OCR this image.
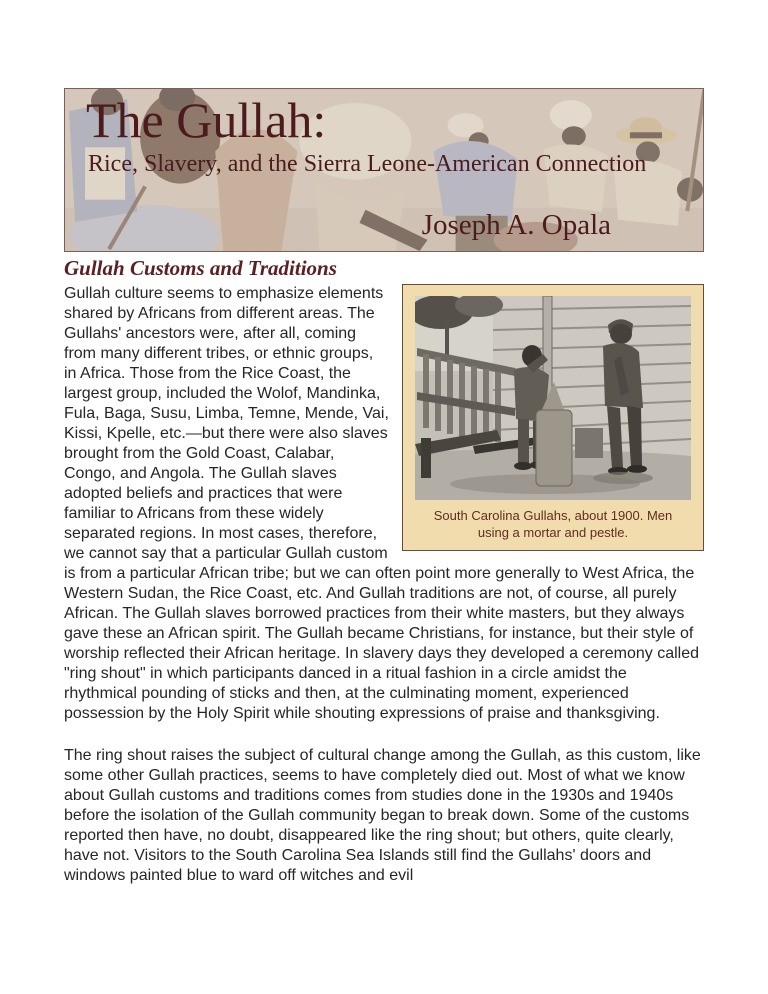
The Gullah:
Rice, Slavery, and the Sierra Leone-American Connection
Joseph A. Opala
Gullah Customs and Traditions
South Carolina Gullahs, about 1900. Men using a mortar and pestle.

Gullah culture seems to emphasize elements shared by Africans from different areas. The Gullahs' ancestors were, after all, coming from many different tribes, or ethnic groups, in Africa. Those from the Rice Coast, the largest group, included the Wolof, Mandinka, Fula, Baga, Susu, Limba, Temne, Mende, Vai, Kissi, Kpelle, etc.—but there were also slaves brought from the Gold Coast, Calabar, Congo, and Angola. The Gullah slaves adopted beliefs and practices that were familiar to Africans from these widely separated regions. In most cases, therefore, we cannot say that a particular Gullah custom is from a particular African tribe; but we can often point more generally to West Africa, the Western Sudan, the Rice Coast, etc. And Gullah traditions are not, of course, all purely African. The Gullah slaves borrowed practices from their white masters, but they always gave these an African spirit. The Gullah became Christians, for instance, but their style of worship reflected their African heritage. In slavery days they developed a ceremony called "ring shout" in which participants danced in a ritual fashion in a circle amidst the rhythmical pounding of sticks and then, at the culminating moment, experienced possession by the Holy Spirit while shouting expressions of praise and thanksgiving.

The ring shout raises the subject of cultural change among the Gullah, as this custom, like some other Gullah practices, seems to have completely died out. Most of what we know about Gullah customs and traditions comes from studies done in the 1930s and 1940s before the isolation of the Gullah community began to break down. Some of the customs reported then have, no doubt, disappeared like the ring shout; but others, quite clearly, have not. Visitors to the South Carolina Sea Islands still find the Gullahs' doors and windows painted blue to ward off witches and evil
